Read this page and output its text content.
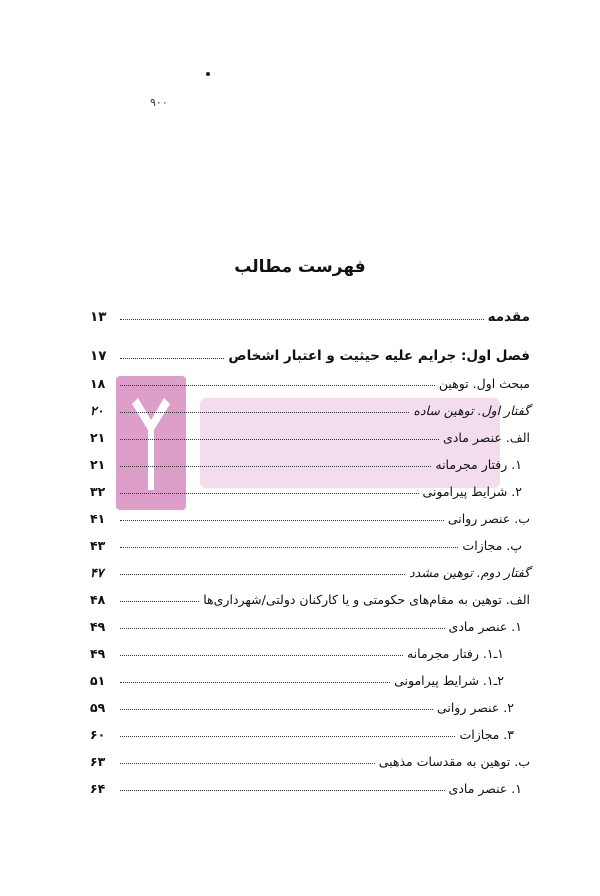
۹۰۰
فهرست مطالب
مقدمه
۱۳
فصل اول: جرایم علیه حیثیت و اعتبار اشخاص
۱۷
مبحث اول. توهین
۱۸
گفتار اول. توهین ساده
۲۰
الف. عنصر مادی
۲۱
۱. رفتار مجرمانه
۲۱
۲. شرایط پیرامونی
۳۲
ب. عنصر روانی
۴۱
پ. مجازات
۴۳
گفتار دوم. توهین مشدد
۴۷
الف. توهین به مقام‌های حکومتی و یا کارکنان دولتی/شهرداری‌ها
۴۸
۱. عنصر مادی
۴۹
۱ـ۱. رفتار مجرمانه
۴۹
۲ـ۱. شرایط پیرامونی
۵۱
۲. عنصر روانی
۵۹
۳. مجازات
۶۰
ب. توهین به مقدسات مذهبی
۶۳
۱. عنصر مادی
۶۴
